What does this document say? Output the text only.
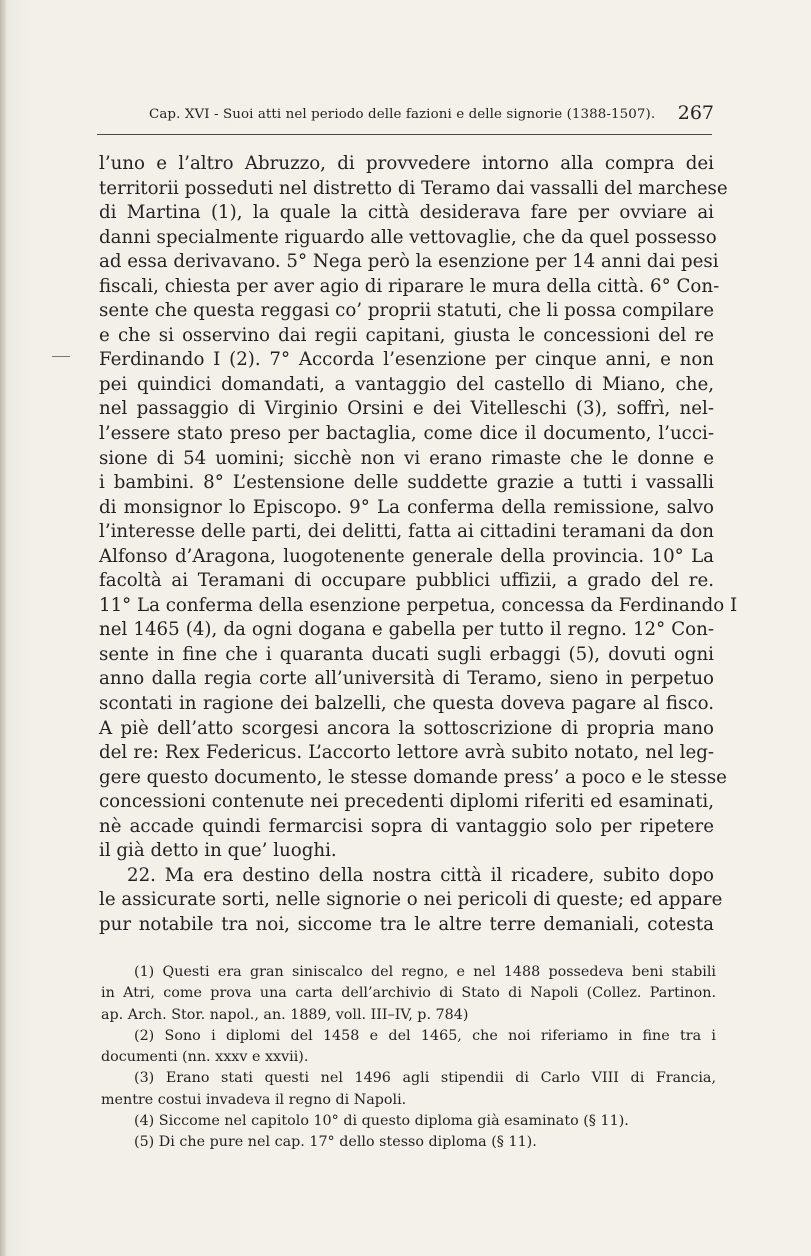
Cap. XVI - Suoi atti nel periodo delle fazioni e delle signorie (1388-1507). 267
l’uno e l’altro Abruzzo, di provvedere intorno alla compra dei
territorii posseduti nel distretto di Teramo dai vassalli del marchese
di Martina (1), la quale la città desiderava fare per ovviare ai
danni specialmente riguardo alle vettovaglie, che da quel possesso
ad essa derivavano. 5° Nega però la esenzione per 14 anni dai pesi
fiscali, chiesta per aver agio di riparare le mura della città. 6° Con-
sente che questa reggasi co’ proprii statuti, che li possa compilare
e che si osservino dai regii capitani, giusta le concessioni del re
Ferdinando I (2). 7° Accorda l’esenzione per cinque anni, e non
pei quindici domandati, a vantaggio del castello di Miano, che,
nel passaggio di Virginio Orsini e dei Vitelleschi (3), soffrì, nel-
l’essere stato preso per bactaglia, come dice il documento, l’ucci-
sione di 54 uomini; sicchè non vi erano rimaste che le donne e
i bambini. 8° L’estensione delle suddette grazie a tutti i vassalli
di monsignor lo Episcopo. 9° La conferma della remissione, salvo
l’interesse delle parti, dei delitti, fatta ai cittadini teramani da don
Alfonso d’Aragona, luogotenente generale della provincia. 10° La
facoltà ai Teramani di occupare pubblici uffizii, a grado del re.
11° La conferma della esenzione perpetua, concessa da Ferdinando I
nel 1465 (4), da ogni dogana e gabella per tutto il regno. 12° Con-
sente in fine che i quaranta ducati sugli erbaggi (5), dovuti ogni
anno dalla regia corte all’università di Teramo, sieno in perpetuo
scontati in ragione dei balzelli, che questa doveva pagare al fisco.
A piè dell’atto scorgesi ancora la sottoscrizione di propria mano
del re: Rex Federicus. L’accorto lettore avrà subito notato, nel leg-
gere questo documento, le stesse domande press’ a poco e le stesse
concessioni contenute nei precedenti diplomi riferiti ed esaminati,
nè accade quindi fermarcisi sopra di vantaggio solo per ripetere
il già detto in que’ luoghi.
22. Ma era destino della nostra città il ricadere, subito dopo
le assicurate sorti, nelle signorie o nei pericoli di queste; ed appare
pur notabile tra noi, siccome tra le altre terre demaniali, cotesta
(1) Questi era gran siniscalco del regno, e nel 1488 possedeva beni stabili
in Atri, come prova una carta dell’archivio di Stato di Napoli (Collez. Partinon.
ap. Arch. Stor. napol., an. 1889, voll. III–IV, p. 784)
(2) Sono i diplomi del 1458 e del 1465, che noi riferiamo in fine tra i
documenti (nn. xxxv e xxvii).
(3) Erano stati questi nel 1496 agli stipendii di Carlo VIII di Francia,
mentre costui invadeva il regno di Napoli.
(4) Siccome nel capitolo 10° di questo diploma già esaminato (§ 11).
(5) Di che pure nel cap. 17° dello stesso diploma (§ 11).
